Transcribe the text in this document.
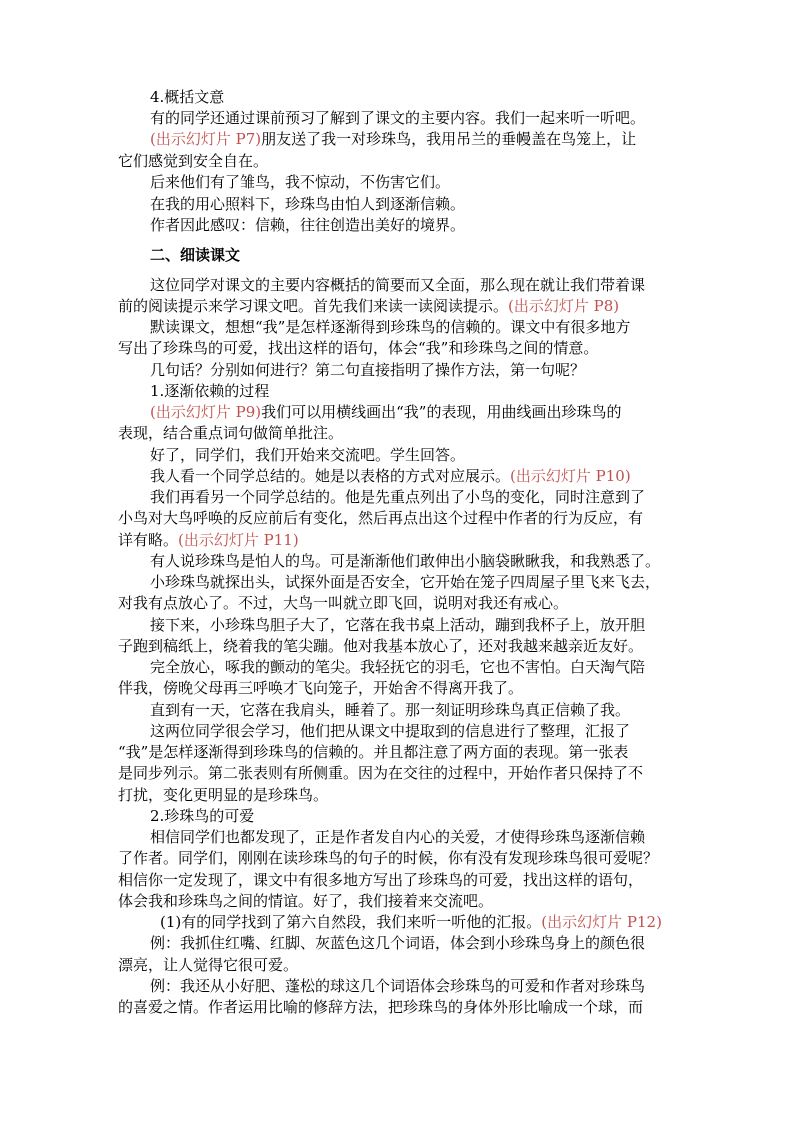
4.概括文意
有的同学还通过课前预习了解到了课文的主要内容。我们一起来听一听吧。
(出示幻灯片 P7)朋友送了我一对珍珠鸟，我用吊兰的垂幔盖在鸟笼上，让
它们感觉到安全自在。
后来他们有了雏鸟，我不惊动，不伤害它们。
在我的用心照料下，珍珠鸟由怕人到逐渐信赖。
作者因此感叹：信赖，往往创造出美好的境界。
二、细读课文
这位同学对课文的主要内容概括的简要而又全面，那么现在就让我们带着课
前的阅读提示来学习课文吧。首先我们来读一读阅读提示。(出示幻灯片 P8)
默读课文，想想“我”是怎样逐渐得到珍珠鸟的信赖的。课文中有很多地方
写出了珍珠鸟的可爱，找出这样的语句，体会“我”和珍珠鸟之间的情意。
几句话？分别如何进行？第二句直接指明了操作方法，第一句呢？
1.逐渐依赖的过程
(出示幻灯片 P9)我们可以用横线画出“我”的表现，用曲线画出珍珠鸟的
表现，结合重点词句做简单批注。
好了，同学们，我们开始来交流吧。学生回答。
我人看一个同学总结的。她是以表格的方式对应展示。(出示幻灯片 P10)
我们再看另一个同学总结的。他是先重点列出了小鸟的变化，同时注意到了
小鸟对大鸟呼唤的反应前后有变化，然后再点出这个过程中作者的行为反应，有
详有略。(出示幻灯片 P11)
有人说珍珠鸟是怕人的鸟。可是渐渐他们敢伸出小脑袋瞅瞅我，和我熟悉了。
小珍珠鸟就探出头，试探外面是否安全，它开始在笼子四周屋子里飞来飞去，
对我有点放心了。不过，大鸟一叫就立即飞回，说明对我还有戒心。
接下来，小珍珠鸟胆子大了，它落在我书桌上活动，蹦到我杯子上，放开胆
子跑到稿纸上，绕着我的笔尖蹦。他对我基本放心了，还对我越来越亲近友好。
完全放心，啄我的颤动的笔尖。我轻抚它的羽毛，它也不害怕。白天淘气陪
伴我，傍晚父母再三呼唤才飞向笼子，开始舍不得离开我了。
直到有一天，它落在我肩头，睡着了。那一刻证明珍珠鸟真正信赖了我。
这两位同学很会学习，他们把从课文中提取到的信息进行了整理，汇报了
“我”是怎样逐渐得到珍珠鸟的信赖的。并且都注意了两方面的表现。第一张表
是同步列示。第二张表则有所侧重。因为在交往的过程中，开始作者只保持了不
打扰，变化更明显的是珍珠鸟。
2.珍珠鸟的可爱
相信同学们也都发现了，正是作者发自内心的关爱，才使得珍珠鸟逐渐信赖
了作者。同学们，刚刚在读珍珠鸟的句子的时候，你有没有发现珍珠鸟很可爱呢？
相信你一定发现了，课文中有很多地方写出了珍珠鸟的可爱，找出这样的语句，
体会我和珍珠鸟之间的情谊。好了，我们接着来交流吧。
(1)有的同学找到了第六自然段，我们来听一听他的汇报。(出示幻灯片 P12)
例：我抓住红嘴、红脚、灰蓝色这几个词语，体会到小珍珠鸟身上的颜色很
漂亮，让人觉得它很可爱。
例：我还从小好肥、蓬松的球这几个词语体会珍珠鸟的可爱和作者对珍珠鸟
的喜爱之情。作者运用比喻的修辞方法，把珍珠鸟的身体外形比喻成一个球，而
